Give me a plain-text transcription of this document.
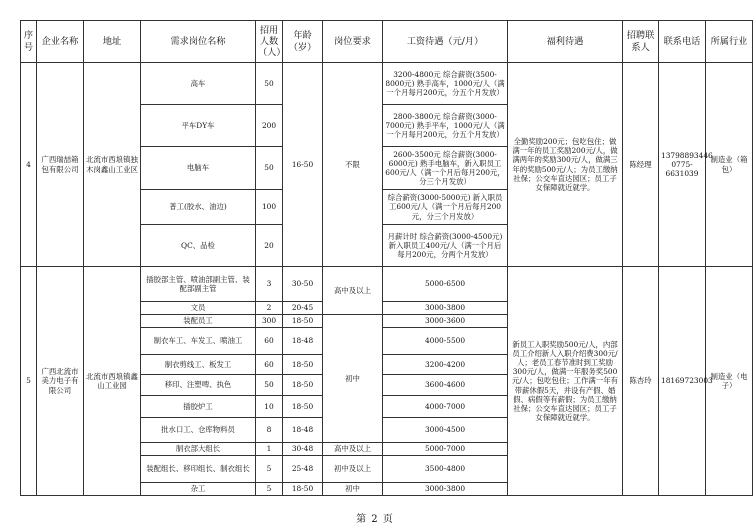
序号	企业名称	地址	需求岗位名称	招用人数（人）	年龄（岁）	岗位要求	工资待遇（元/月）	福利待遇	招聘联系人	联系电话	所属行业
4	广西瑞喆箱包有限公司	北流市西埌镇独木岗鑫山工业区	高车	50	16-50	不限	3200-4800元 综合薪资(3500-8000元) 熟手高车，1000元/人（满一个月每月200元，分五个月发放）	全勤奖励200元；包吃包住；做满一年的员工奖励200元/人，做满两年的奖励300元/人，做满三年的奖励500元/人；为员工缴纳社保；公交车直达园区；员工子女保障就近就学。	陈经理	13798893446 0775-6631039	制造业（箱包）
			平车DY车	200			2800-3800元 综合薪资(3000-7000元) 熟手平车，1000元/人（满一个月每月200元，分五个月发放）				
			电脑车	50			2600-3500元 综合薪资(3000-6000元) 熟手电脑车，新入职员工600元/人（满一个月后每月200元，分三个月发放）				
			普工(胶水、油边)	100			综合薪资(3000-5000元) 新入职员工600元/人（满一个月后每月200元，分三个月发放）				
			QC、品检	20			月薪计时 综合薪资(3000-4500元) 新入职员工400元/人（满一个月后每月200元，分两个月发放）				
5	广西北流市美力电子有限公司	北流市西埌镇鑫山工业园	插胶部主管、喷油部副主管、装配部副主管	3	30-50	高中及以上	5000-6500	新员工入职奖励500元/人，内部员工介绍新人入职介绍费300元/人；老员工春节准时到工奖励300元/人，做满一年服务奖500元/人；包吃包住；工作满一年有带薪休假5天，并设有产假、婚假、病假等有薪假；为员工缴纳社保；公交车直达园区；员工子女保障就近就学。	陈杏玲	18169723003	制造业（电子）
			文员	2	20-45		3000-3800				
			装配员工	300	18-50	初中	3000-3600				
			制衣车工、车发工、喷油工	60	18-48		4000-5500				
			制衣剪线工、板发工	60	18-50		3200-4200				
			移印、注塑啤、执色	50	18-50		3600-4600				
			插胶炉工	10	18-50		4000-7000				
			批水口工、仓库物料员	8	18-48		3000-4500				
			制衣部大组长	1	30-48	高中及以上	5000-7000				
			装配组长、移印组长、制衣组长	5	25-48	初中及以上	3500-4800				
			杂工	5	18-50	初中	3000-3800				
第 2 页
